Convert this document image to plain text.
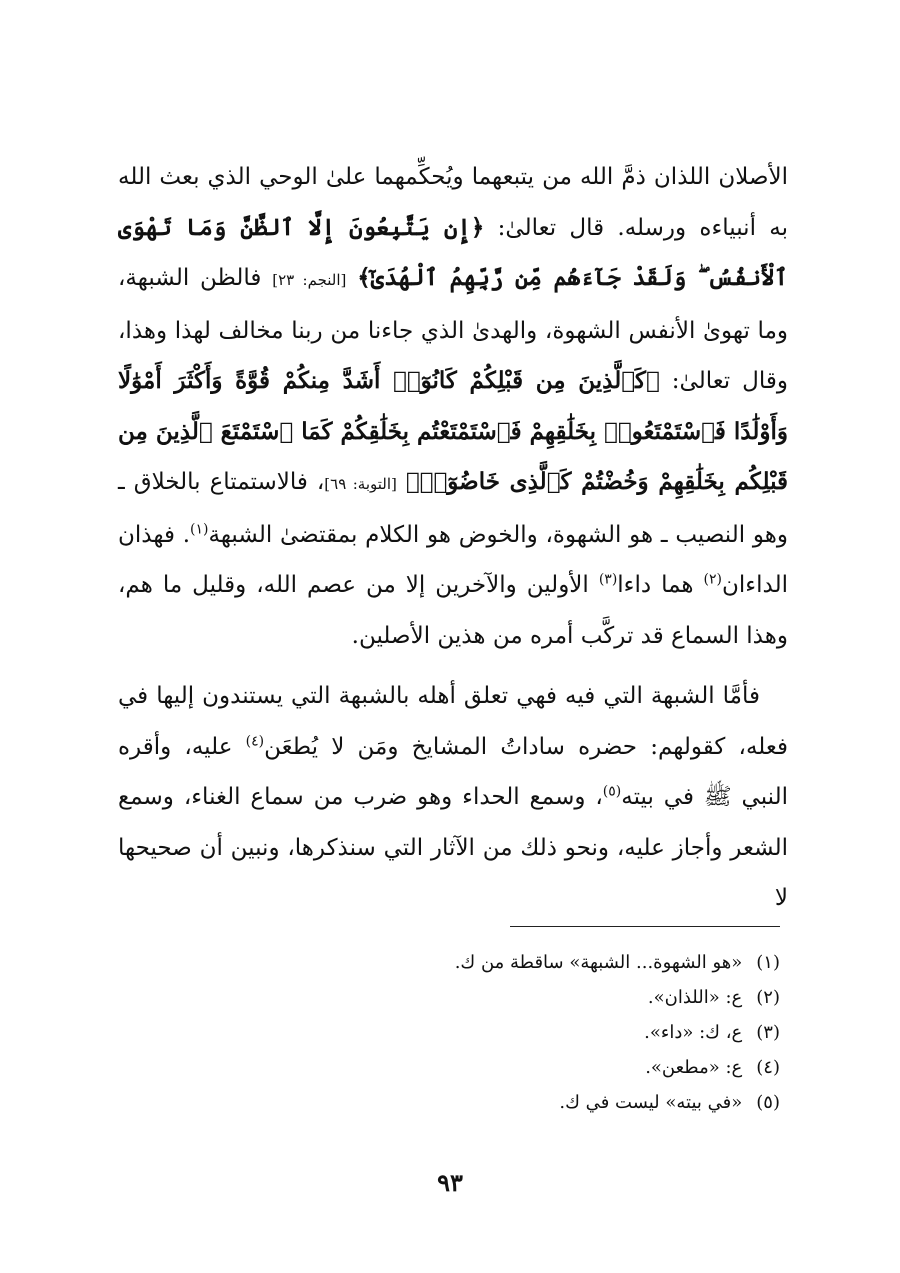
الأصلان اللذان ذمَّ الله من يتبعهما ويُحكِّمهما علىٰ الوحي الذي بعث الله به أنبياءه ورسله. قال تعالىٰ: ﴿إِن يَتَّبِعُونَ إِلَّا ٱلظَّنَّ وَمَا تَهْوَى ٱلْأَنفُسُ ۖ وَلَقَدْ جَآءَهُم مِّن رَّبِّهِمُ ٱلْهُدَىٰٓ﴾ [النجم: ٢٣] فالظن الشبهة، وما تهوىٰ الأنفس الشهوة، والهدىٰ الذي جاءنا من ربنا مخالف لهذا وهذا، وقال تعالىٰ: ﴿كَٱلَّذِينَ مِن قَبْلِكُمْ كَانُوٓا۟ أَشَدَّ مِنكُمْ قُوَّةً وَأَكْثَرَ أَمْوَٰلًا وَأَوْلَٰدًا فَٱسْتَمْتَعُوا۟ بِخَلَٰقِهِمْ فَٱسْتَمْتَعْتُم بِخَلَٰقِكُمْ كَمَا ٱسْتَمْتَعَ ٱلَّذِينَ مِن قَبْلِكُم بِخَلَٰقِهِمْ وَخُضْتُمْ كَٱلَّذِى خَاضُوٓا۟﴾ [التوبة: ٦٩]، فالاستمتاع بالخلاق ـ وهو النصيب ـ هو الشهوة، والخوض هو الكلام بمقتضىٰ الشبهة$^{(١)}$. فهذان الداءان$^{(٢)}$ هما داءا$^{(٣)}$ الأولين والآخرين إلا من عصم الله، وقليل ما هم، وهذا السماع قد تركَّب أمره من هذين الأصلين.

فأمَّا الشبهة التي فيه فهي تعلق أهله بالشبهة التي يستندون إليها في فعله، كقولهم: حضره ساداتُ المشايخ ومَن لا يُطعَن$^{(٤)}$ عليه، وأقره النبي ﷺ في بيته$^{(٥)}$، وسمع الحداء وهو ضرب من سماع الغناء، وسمع الشعر وأجاز عليه، ونحو ذلك من الآثار التي سنذكرها، ونبين أن صحيحها لا

(١)«هو الشهوة... الشبهة» ساقطة من ك.
(٢)ع: «اللذان».
(٣)ع، ك: «داء».
(٤)ع: «مطعن».
(٥)«في بيته» ليست في ك.
٩٣
